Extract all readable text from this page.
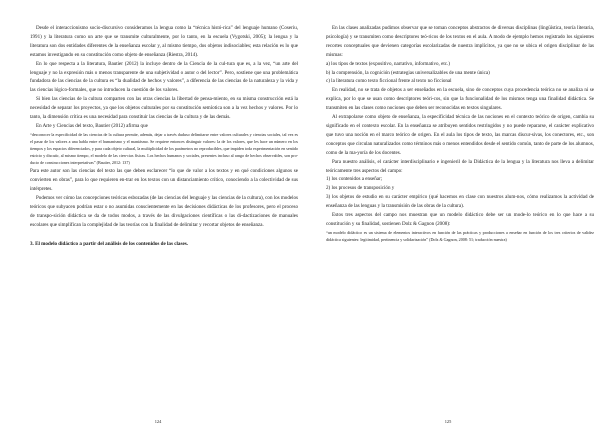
Desde el interaccionismo socio-discursivo consideramos la lengua como la “técnica histó-rica” del lenguaje humano (Coseriu, 1991) y la literatura como un arte que se transmite culturalmente, por lo tanto, en la escuela (Vygotski, 2005); la lengua y la literatura son dos entidades diferentes de la enseñanza escolar y, al mismo tiempo, dos objetos indisociables; esta relación es lo que estamos investigando en su constitución como objeto de enseñanza (Riestra, 2014).

En lo que respecta a la literatura, Bautier (2012) la incluye dentro de la Ciencia de la cul-tura que es, a la vez, “un arte del lenguaje y no la expresión más o menos transparente de una subjetividad o autor o del lector”. Pero, sostiene que una problemática fundadora de las ciencias de la cultura es “la dualidad de hechos y valores”, a diferencia de las ciencias de la naturaleza y la vida y las ciencias lógico-formales, que no introducen la cuestión de los valores.

Si bien las ciencias de la cultura comparten con las otras ciencias la libertad de pensa-miento, en su misma construcción está la necesidad de separar los proyectos, ya que los objetos culturales por su constitución semíotica son a la vez hechos y valores. Por lo tanto, la dimensión crítica es una necesidad para constituir las ciencias de la cultura y de las demás.

En Arte y Ciencias del texto, Bautier (2012) afirma que

“desconocer la especificidad de las ciencias de la cultura permite, además, dejar a través duduso delimitarse entre valores culturales y ciencias sociales, tal vez es el pasar de los valores a una habla entre el humanismo y el maniásmo. Se requiere entonces distinguir valores: la de los valores, que les hace un número en los tiempos y los espacios diferenciados, y para cada objeto cultural, la multiplicidad de los parámetros no reproducibles, que impiden toda experimentación en sentido estricto y discutir, al mismo tiempo, el modelo de las cien-cias físicas. Los hechos humanos y sociales, presentes incluso al rango de hechos observables, son pro-ducto de construcciones interpretativas” (Bautier, 2012: 137)

Para este autor son las ciencias del texto las que deben esclarecer “lo que de valor a los textos y en qué condiciones algunos se convierten en obras”, para lo que requieren en-trar en los textos con un distanciamiento crítico, conociendo a la colectividad de sus intérpretes.

Podemos ver cómo las concepciones teóricas esbozadas (de las ciencias del lenguaje y las ciencias de la cultura), con los modelos teóricos que subyacen podrían estar o no asumidas conscientemente en las decisiones didácticas de los profesores, pero el proceso de transpo-sición didáctica se da de todos modos, a través de las divulgaciones científicas o las di-dactizaciones de manuales escolares que simplifican la complejidad de las teorías con la finalidad de delimitar y recortar objetos de enseñanza.

3. El modelo didáctico a partir del análisis de los contenidos de las clases.
124

En las clases analizadas pudimos observar que se toman conceptos abstractos de diversas disciplinas (lingüística, teoría literaria, psicología) y se transmiten como descriptores teó-ricos de los textos en el aula. A modo de ejemplo hemos registrado los siguientes recortes conceptuales que devienen categorías escolarizadas de nuestra implícitos, ya que no se ubica el origen disciplinar de las mismas:

a) los tipos de textos (expositivo, narrativo, informativo, etc.)

b) la comprensión, la cognición (estrategias universalizables de una mente única)

c) la literatura como texto ficcional frente al texto no ficcional

En realidad, no se trata de objetos a ser enseñados en la escuela, sino de conceptos cuya procedencia teórica no se analiza ni se explica, por lo que se usan como descriptores teóri-cos, sin que la funcionalidad de los mismos tenga una finalidad didáctica. Se transmiten en las clases como nociones que deben ser reconocidas en textos singulares.

Al extrapolarse como objeto de enseñanza, la especificidad técnica de las nociones en el contexto teórico de origen, cambia su significado en el contexto escolar. En la enseñanza se atribuyen sentidos restringidos y no puede repararse, el carácter explicativo que tuvo una noción en el marco teórico de origen. En el aula los tipos de texto, las marcas discur-sivas, los conectores, etc., son conceptos que circulan naturalizados como términos más o menos entendidos desde el sentido común, tanto de parte de los alumnos, como de la ma-yoría de los docentes.

Para nuestro análisis, el carácter interdisciplinario e ingenieril de la Didáctica de la lengua y la literatura nos lleva a delimitar teóricamente tres aspectos del campo:

1) los contenidos a enseñar;

2) los procesos de transposición y

3) los objetos de estudio en su carácter empírico (qué hacemos en clase con nuestros alum-nos, cómo realizamos la actividad de enseñanza de las lenguas y la transmisión de las obras de la cultura).

Estos tres aspectos del campo nos muestran que un modelo didáctico debe ser un mode-lo teórico en lo que hace a su constitución y su finalidad, sostienen Dolz & Gagnon (2008):

“un modelo didáctico es un sistema de elementos interactivos en función de las prácticas y producciones a enseñar en función de los tres criterios de validez didáctica siguientes: legitimidad, pertinencia y solidarización” (Dolz & Gagnon, 2008: 51; traducción nuestra)

125
